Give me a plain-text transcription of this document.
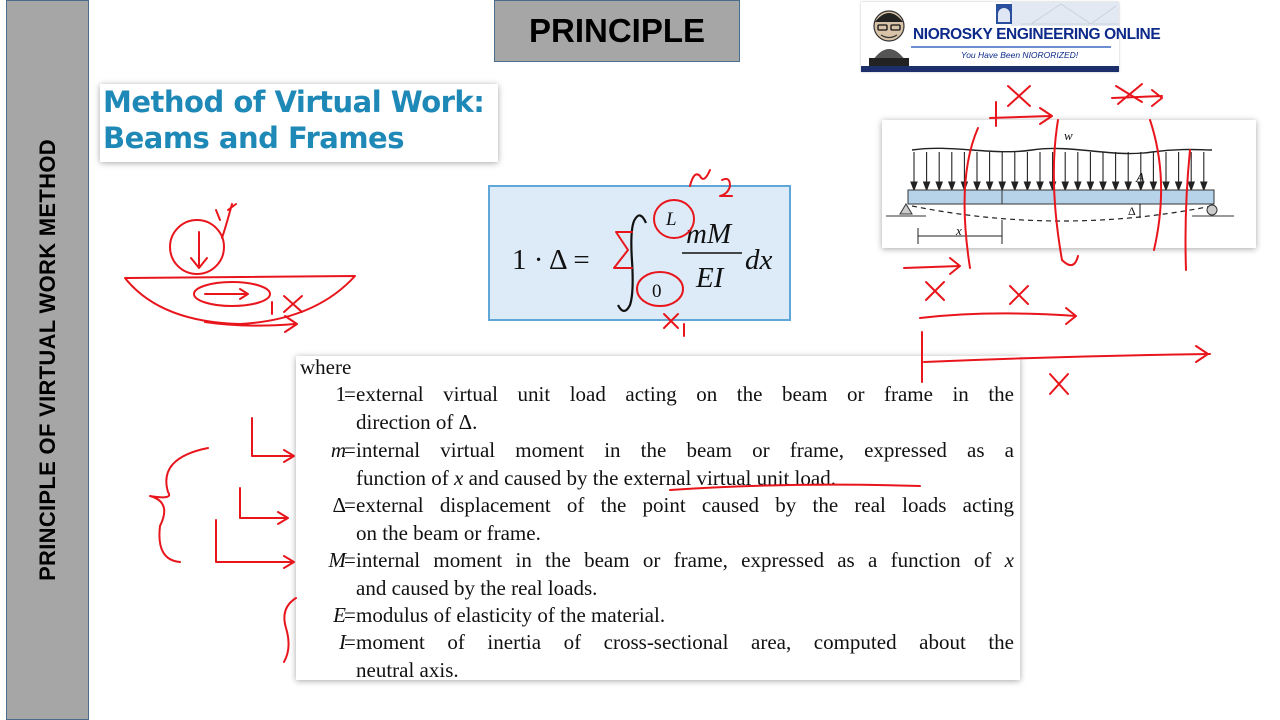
PRINCIPLE OF VIRTUAL WORK METHOD
PRINCIPLE	NIOROSKY ENGINEERING ONLINE
You Have Been NIORORIZED!
Method of Virtual Work:
Beams and Frames
1 · Δ =
L
0
mM
EI
dx
w
A
Δ
x
where
1
= external virtual unit load acting on the beam or frame in the
direction of Δ.
m
= internal virtual moment in the beam or frame, expressed as a
function of x and caused by the external virtual unit load.
Δ
= external displacement of the point caused by the real loads acting
on the beam or frame.
M
= internal moment in the beam or frame, expressed as a function of x
and caused by the real loads.
E
= modulus of elasticity of the material.
I
= moment of inertia of cross-sectional area, computed about the
neutral axis.
